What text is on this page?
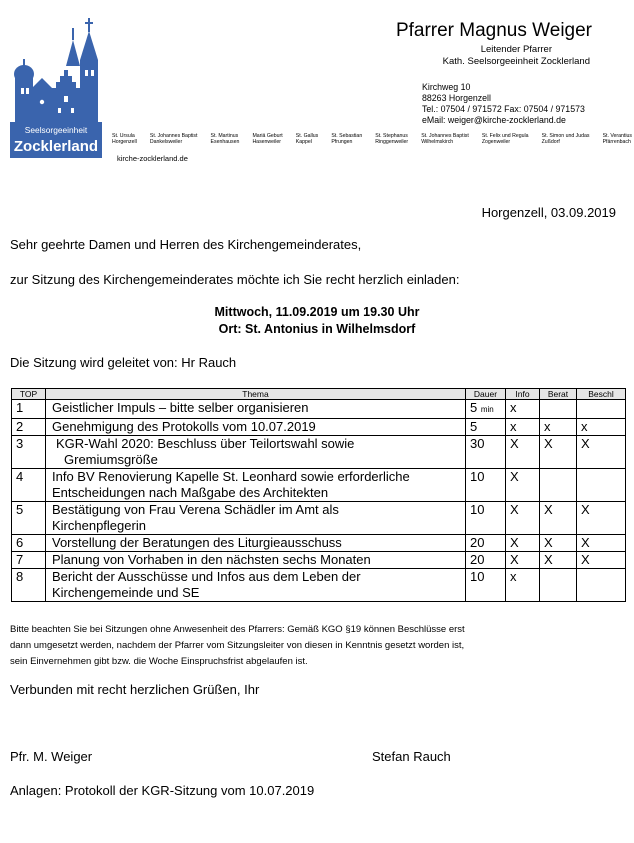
Seelsorgeeinheit
Zocklerland
Pfarrer Magnus Weiger
Leitender Pfarrer
Kath. Seelsorgeeinheit Zocklerland
Kirchweg 10
88263 Horgenzell
Tel.: 07504 / 971572 Fax: 07504 / 971573
eMail: weiger@kirche-zocklerland.de
St. Ursula
Horgenzell
St. Johannes Baptist
Dankelsweiler
St. Martinus
Esenhausen
Mariä Geburt
Hasenweiler
St. Gallus
Kappel
St. Sebastian
Pfrungen
St. Stephanus
Ringgenweiler
St. Johannes Baptist
Wilhelmskirch
St. Felix und Regula
Zogenweiler
St. Simon und Judas
Zußdorf
St. Verantius
Pfärrenbach
kirche-zocklerland.de
Horgenzell, 03.09.2019
Sehr geehrte Damen und Herren des Kirchengemeinderates,
zur Sitzung des Kirchengemeinderates möchte ich Sie recht herzlich einladen:
Mittwoch, 11.09.2019 um 19.30 Uhr
Ort: St. Antonius in Wilhelmsdorf
Die Sitzung wird geleitet von: Hr Rauch
TOP	Thema	Dauer	Info	Berat	Beschl
1	Geistlicher Impuls – bitte selber organisieren	5 min	x		
2	Genehmigung des Protokolls vom 10.07.2019	5	x	x	x
3	KGR-Wahl 2020: Beschluss über Teilortswahl sowie
Gremiumsgröße	30	X	X	X
4	Info BV Renovierung Kapelle St. Leonhard sowie erforderliche
Entscheidungen nach Maßgabe des Architekten	10	X		
5	Bestätigung von Frau Verena Schädler im Amt als
Kirchenpflegerin	10	X	X	X
6	Vorstellung der Beratungen des Liturgieausschuss	20	X	X	X
7	Planung von Vorhaben in den nächsten sechs Monaten	20	X	X	X
8	Bericht der Ausschüsse und Infos aus dem Leben der
Kirchengemeinde und SE	10	x		
Bitte beachten Sie bei Sitzungen ohne Anwesenheit des Pfarrers: Gemäß KGO §19 können Beschlüsse erst
dann umgesetzt werden, nachdem der Pfarrer vom Sitzungsleiter von diesen in Kenntnis gesetzt worden ist,
sein Einvernehmen gibt bzw. die Woche Einspruchsfrist abgelaufen ist.
Verbunden mit recht herzlichen Grüßen, Ihr
Pfr. M. Weiger	Stefan Rauch
Anlagen: Protokoll der KGR-Sitzung vom 10.07.2019
